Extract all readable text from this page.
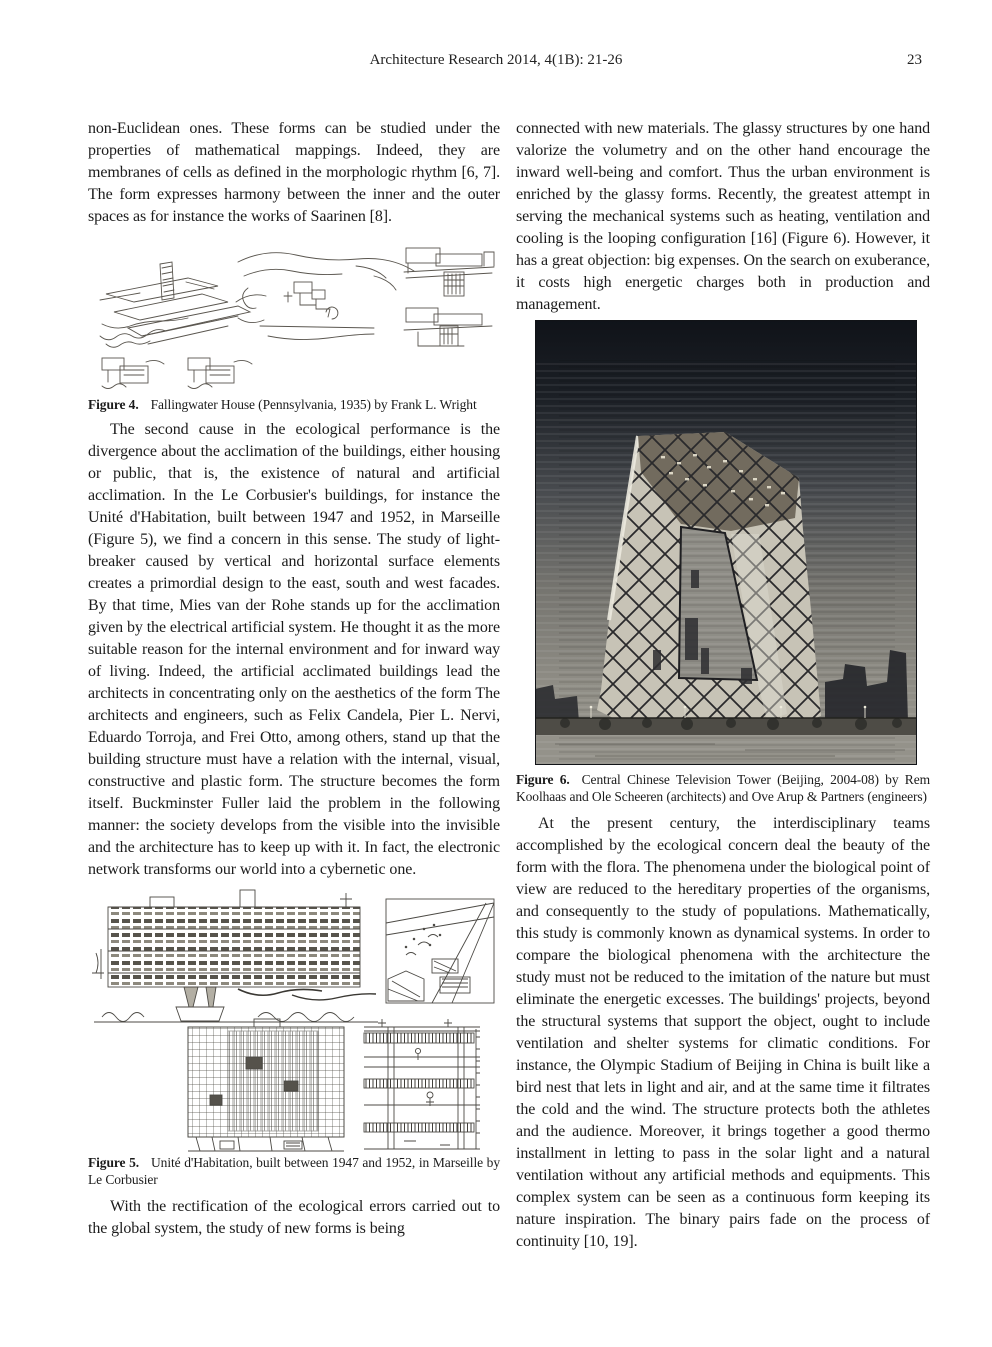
Architecture Research 2014, 4(1B): 21-26	23

non-Euclidean ones. These forms can be studied under the properties of mathematical mappings. Indeed, they are membranes of cells as defined in the morphologic rhythm [6, 7]. The form expresses harmony between the inner and the outer spaces as for instance the works of Saarinen [8].

Figure 4. Fallingwater House (Pennsylvania, 1935) by Frank L. Wright

The second cause in the ecological performance is the divergence about the acclimation of the buildings, either housing or public, that is, the existence of natural and artificial acclimation. In the Le Corbusier's buildings, for instance the Unité d'Habitation, built between 1947 and 1952, in Marseille (Figure 5), we find a concern in this sense. The study of light-breaker caused by vertical and horizontal surface elements creates a primordial design to the east, south and west facades. By that time, Mies van der Rohe stands up for the acclimation given by the electrical artificial system. He thought it as the more suitable reason for the internal environment and for inward way of living. Indeed, the artificial acclimated buildings lead the architects in concentrating only on the aesthetics of the form The architects and engineers, such as Felix Candela, Pier L. Nervi, Eduardo Torroja, and Frei Otto, among others, stand up that the building structure must have a relation with the internal, visual, constructive and plastic form. The structure becomes the form itself. Buckminster Fuller laid the problem in the following manner: the society develops from the visible into the invisible and the architecture has to keep up with it. In fact, the electronic network transforms our world into a cybernetic one.

Figure 5. Unité d'Habitation, built between 1947 and 1952, in Marseille by Le Corbusier

With the rectification of the ecological errors carried out to the global system, the study of new forms is being

connected with new materials. The glassy structures by one hand valorize the volumetry and on the other hand encourage the inward well-being and comfort. Thus the urban environment is enriched by the glassy forms. Recently, the greatest attempt in serving the mechanical systems such as heating, ventilation and cooling is the looping configuration [16] (Figure 6). However, it has a great objection: big expenses. On the search on exuberance, it costs high energetic charges both in production and management.

Figure 6. Central Chinese Television Tower (Beijing, 2004-08) by Rem Koolhaas and Ole Scheeren (architects) and Ove Arup & Partners (engineers)

At the present century, the interdisciplinary teams accomplished by the ecological concern deal the beauty of the form with the flora. The phenomena under the biological point of view are reduced to the hereditary properties of the organisms, and consequently to the study of populations. Mathematically, this study is commonly known as dynamical systems. In order to compare the biological phenomena with the architecture the study must not be reduced to the imitation of the nature but must eliminate the energetic excesses. The buildings' projects, beyond the structural systems that support the object, ought to include ventilation and shelter systems for climatic conditions. For instance, the Olympic Stadium of Beijing in China is built like a bird nest that lets in light and air, and at the same time it filtrates the cold and the wind. The structure protects both the athletes and the audience. Moreover, it brings together a good thermo installment in letting to pass in the solar light and a natural ventilation without any artificial methods and equipments. This complex system can be seen as a continuous form keeping its nature inspiration. The binary pairs fade on the process of continuity [10, 19].
